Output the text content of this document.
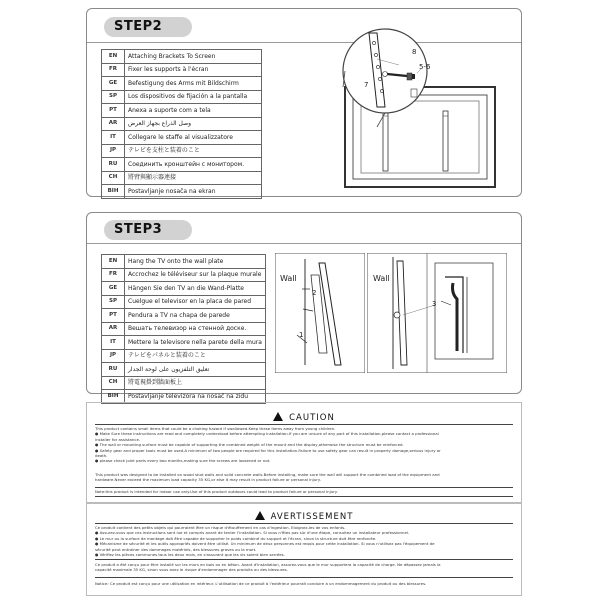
STEP2
EN	Attaching Brackets To Screen
FR	Fixer les supports à l'écran
GE	Befestigung des Arms mit Bildschirm
SP	Los dispositivos de fijación a la pantalla
PT	Anexa a suporte com a tela
AR	وصل الذراع بجهاز العرض
IT	Collegare le staffe al visualizzatore
JP	テレビを支柱と装着のこと
RU	Соединить кронштейн с монитором.
CH	將臂與顯示器連接
BIH	Postavljanje nosača na ekran
8
5-6
7
STEP3
EN	Hang the TV onto the wall plate
FR	Accrochez le téléviseur sur la plaque murale
GE	Hängen Sie den TV an die Wand-Platte
SP	Cuelgue el televisor en la placa de pared
PT	Pendura a TV na chapa de parede
AR	Вешать телевизор на стенной доске.
IT	Mettere la televisore nella parete della mura
JP	テレビをパネルと装着のこと
RU	تعليق التلفزيون على لوحة الجدار
CH	將電視掛到牆面板上
BIH	Postavljanje televizora na nosač na zidu
Wall
2
1
Wall
3
CAUTION

This product contains small items that could be a choking hazard if swallowed.Keep these items away from young children.

● Make Sure these instructions are read and completely understood before attempting installation.If you are unsure of any part of this installation,please contact a professional

installer for assistance.

● The wall or mounting surface must be capable of supporting the combined weight of the mount and the display,otherwise the structure must be reinforced.

● Safety gear and proper tools must be used.A minimum of two people are required for this installation.Failure to use safety gear can result in property damage,serious injury or

death.

● please check joint parts every two months,making sure the screws are loosened or not.

This product was designed to be installed on wood stud walls and solid concrete walls.Before installing, make sure the wall will support the combined load of the equipment and

hardware.Never exceed the maximum load capacity 35 KG,or else it may result in product failure or personal injury.

Note:this product is intended for indoor use only.Use of this product outdoors could lead to product failure or personal injury.

AVERTISSEMENT

Ce produit contient des petits objets qui pourraient être un risque d'étouffement en cas d'ingestion. Eloignez-les de vos enfants.

● Assurez-vous que ces instructions sont lue et compris avant de tenter l'installation. Si vous n'êtes pas sûr d'une étape, consultez un installateur professionnel.

● Le mur ou la surface de montage doit être capable de supporter le poids combiné du support et l'écran, sinon la structure doit être renforcée.

● Mécanisme de sécurité et les outils appropriés doivent être utilisé. Un minimum de deux personnes est requis pour cette installation. Si vous n'utilisez pas l'équipement de

sécurité peut entraîner des dommages matériels, des blessures graves ou la mort.

● Vérifiez les pièces communes tous les deux mois, en s'assurant que les vis soient bien serrées.

Ce produit a été conçu pour être installé sur les murs en bois ou en béton. Avant d'installation, assurez-vous que le mur supportera la capacité de charge. Ne dépassez jamais la

capacité maximale 35 KG, sinon vous avez le risque d'endommager des produits ou des blessures.

Notice: Ce produit est conçu pour une utilisation en intérieur. L'utilisation de ce produit à l'extérieur pourrait conduire à un endommagement du produit ou des blessures.
